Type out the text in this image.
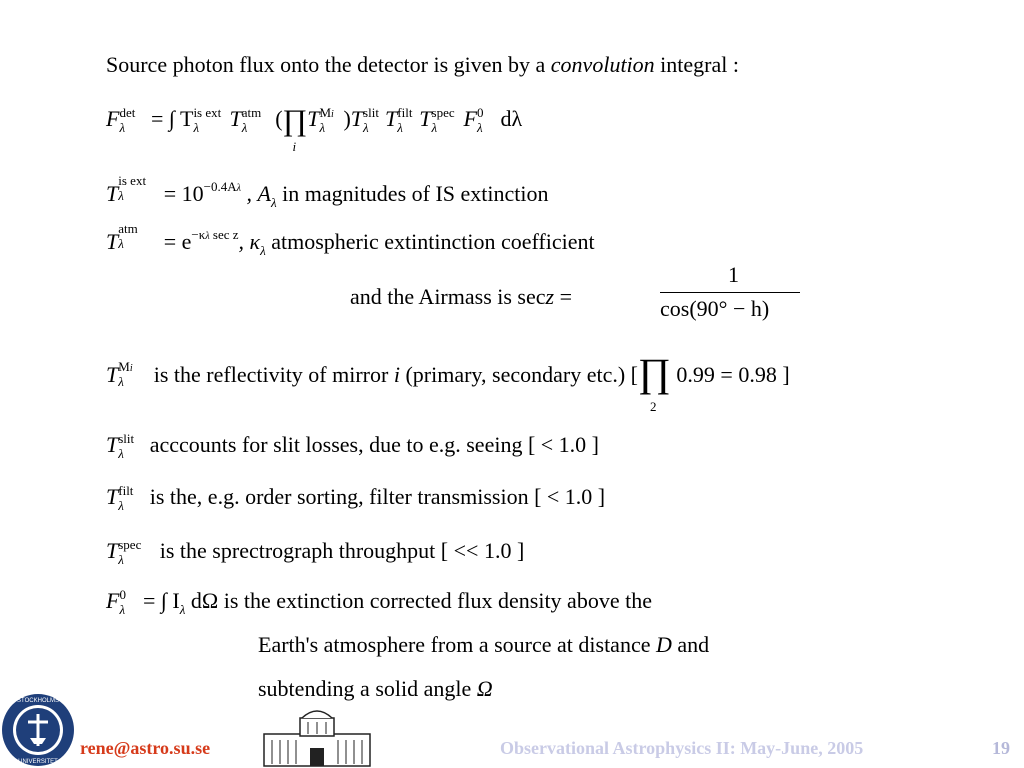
Source photon flux onto the detector is given by a convolution integral :
F det
λ = ∫ T is ext
λ T atm
λ (∏
i
T Mi
λ )T slit
λ T filt
λ T spec
λ F 0
λ dλ
T
is ext
$\lambda = 10^{-0.4A\lambda}$ , $A_\lambda$ in magnitudes of IS extinction
T
atm
$\lambda = e^{-\kappa\lambda sec z}$, $\kappa_\lambda$ atmospheric extintinction coefficient
and the Airmass is secz =
1
cos(90° − h)
T Mi
λ is the reflectivity of mirror i (primary, secondary etc.) [∏
2
0.99 = 0.98 ]
T slit
λ acccounts for slit losses, due to e.g. seeing [ < 1.0 ]
T filt
λ is the, e.g. order sorting, filter transmission [ < 1.0 ]
T spec
λ is the sprectrograph throughput [ << 1.0 ]
F 0
λ = ∫ $I_\lambda$ dΩ is the extinction corrected flux density above the
Earth's atmosphere from a source at distance D and
subtending a solid angle Ω
STOCKHOLMS
UNIVERSITET
rene@astro.su.se	Observational Astrophysics II: May-June, 2005	19
